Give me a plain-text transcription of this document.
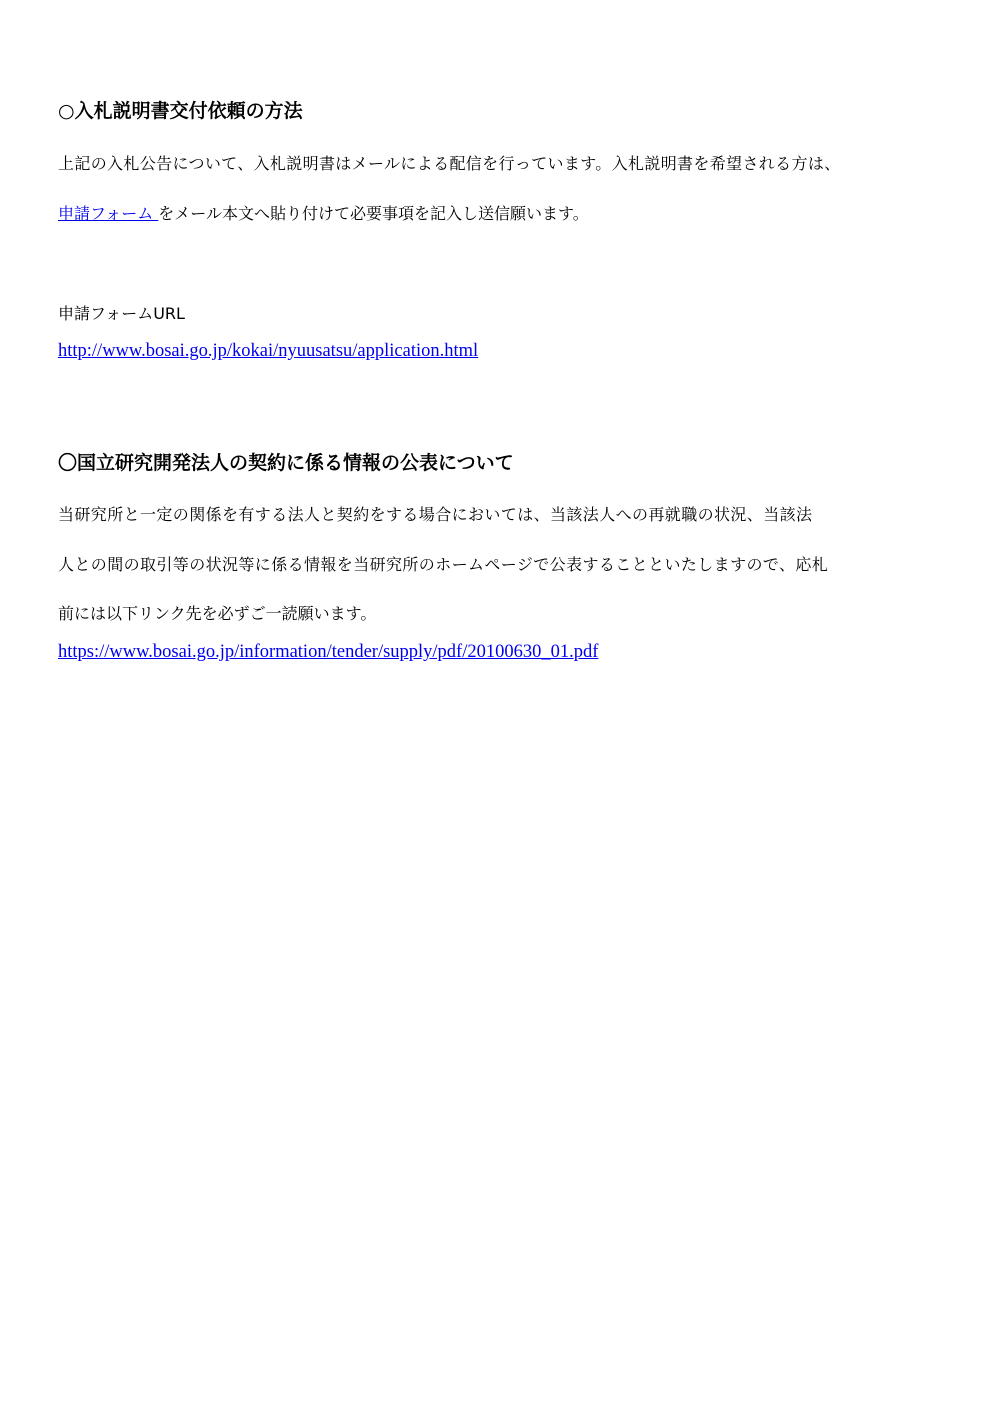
○入札説明書交付依頼の方法
上記の入札公告について、入札説明書はメールによる配信を行っています。入札説明書を希望される方は、
申請フォーム をメール本文へ貼り付けて必要事項を記入し送信願います。
申請フォームURL
http://www.bosai.go.jp/kokai/nyuusatsu/application.html
〇国立研究開発法人の契約に係る情報の公表について
当研究所と一定の関係を有する法人と契約をする場合においては、当該法人への再就職の状況、当該法
人との間の取引等の状況等に係る情報を当研究所のホームページで公表することといたしますので、応札
前には以下リンク先を必ずご一読願います。
https://www.bosai.go.jp/information/tender/supply/pdf/20100630_01.pdf
